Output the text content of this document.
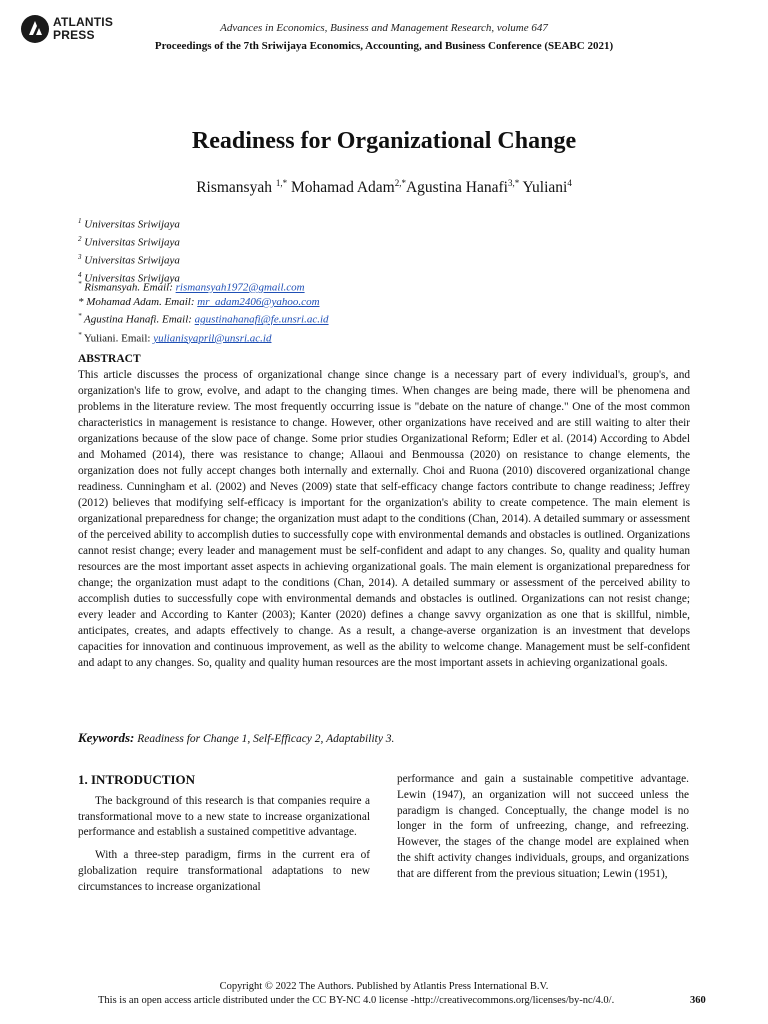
ATLANTIS
PRESS	Advances in Economics, Business and Management Research, volume 647
Proceedings of the 7th Sriwijaya Economics, Accounting, and Business Conference (SEABC 2021)
Readiness for Organizational Change
Rismansyah $^{1,*}$ Mohamad Adam$^{2,*}$Agustina Hanafi$^{3,*}$ Yuliani$^4$
$^1$ Universitas Sriwijaya
$^2$ Universitas Sriwijaya
$^3$ Universitas Sriwijaya
$^4$ Universitas Sriwijaya
* Rismansyah. Email: rismansyah1972@gmail.com
* Mohamad Adam. Email: mr_adam2406@yahoo.com
* Agustina Hanafi. Email: agustinahanafi@fe.unsri.ac.id
* Yuliani. Email: yulianisyapril@unsri.ac.id
ABSTRACT
This article discusses the process of organizational change since change is a necessary part of every individual's, group's, and organization's life to grow, evolve, and adapt to the changing times. When changes are being made, there will be phenomena and problems in the literature review. The most frequently occurring issue is "debate on the nature of change." One of the most common characteristics in management is resistance to change. However, other organizations have received and are still waiting to alter their organizations because of the slow pace of change. Some prior studies Organizational Reform; Edler et al. (2014) According to Abdel and Mohamed (2014), there was resistance to change; Allaoui and Benmoussa (2020) on resistance to change elements, the organization does not fully accept changes both internally and externally. Choi and Ruona (2010) discovered organizational change readiness. Cunningham et al. (2002) and Neves (2009) state that self-efficacy change factors contribute to change readiness; Jeffrey (2012) believes that modifying self-efficacy is important for the organization's ability to create competence. The main element is organizational preparedness for change; the organization must adapt to the conditions (Chan, 2014). A detailed summary or assessment of the perceived ability to accomplish duties to successfully cope with environmental demands and obstacles is outlined. Organizations cannot resist change; every leader and management must be self-confident and adapt to any changes. So, quality and quality human resources are the most important asset aspects in achieving organizational goals. The main element is organizational preparedness for change; the organization must adapt to the conditions (Chan, 2014). A detailed summary or assessment of the perceived ability to accomplish duties to successfully cope with environmental demands and obstacles is outlined. Organizations can not resist change; every leader and According to Kanter (2003); Kanter (2020) defines a change savvy organization as one that is skillful, nimble, anticipates, creates, and adapts effectively to change. As a result, a change-averse organization is an investment that develops capacities for innovation and continuous improvement, as well as the ability to welcome change. Management must be self-confident and adapt to any changes. So, quality and quality human resources are the most important assets in achieving organizational goals.
Keywords: Readiness for Change 1, Self-Efficacy 2, Adaptability 3.
1. INTRODUCTION

The background of this research is that companies require a transformational move to a new state to increase organizational performance and establish a sustained competitive advantage.

With a three-step paradigm, firms in the current era of globalization require transformational adaptations to new circumstances to increase organizational

performance and gain a sustainable competitive advantage. Lewin (1947), an organization will not succeed unless the paradigm is changed. Conceptually, the change model is no longer in the form of unfreezing, change, and refreezing. However, the stages of the change model are explained when the shift activity changes individuals, groups, and organizations that are different from the previous situation; Lewin (1951),

Copyright © 2022 The Authors. Published by Atlantis Press International B.V.
This is an open access article distributed under the CC BY-NC 4.0 license -http://creativecommons.org/licenses/by-nc/4.0/.	360
